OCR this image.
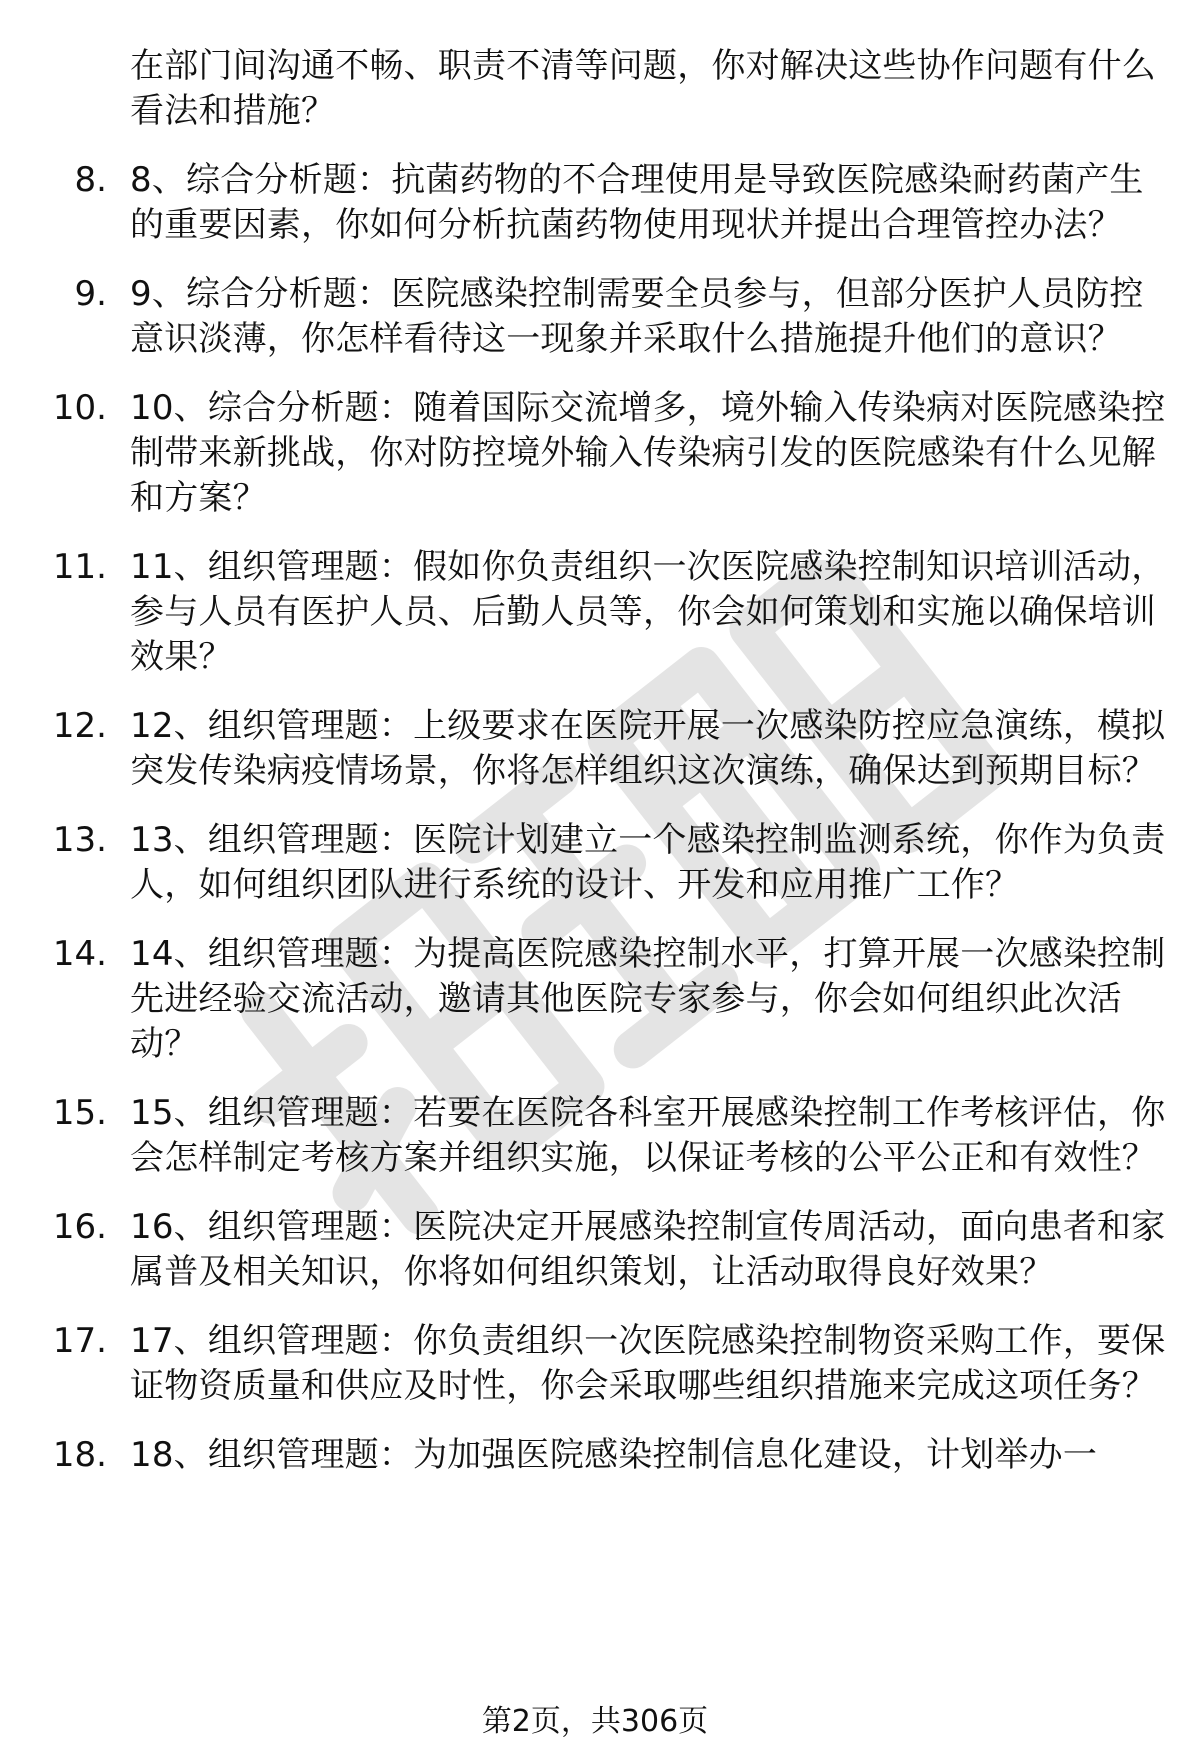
在部门间沟通不畅、职责不清等问题，你对解决这些协作问题有什么看法和措施？
8. 8、综合分析题：抗菌药物的不合理使用是导致医院感染耐药菌产生的重要因素，你如何分析抗菌药物使用现状并提出合理管控办法？
9. 9、综合分析题：医院感染控制需要全员参与，但部分医护人员防控意识淡薄，你怎样看待这一现象并采取什么措施提升他们的意识？
10. 10、综合分析题：随着国际交流增多，境外输入传染病对医院感染控制带来新挑战，你对防控境外输入传染病引发的医院感染有什么见解和方案？
11. 11、组织管理题：假如你负责组织一次医院感染控制知识培训活动，参与人员有医护人员、后勤人员等，你会如何策划和实施以确保培训效果？
12. 12、组织管理题：上级要求在医院开展一次感染防控应急演练，模拟突发传染病疫情场景，你将怎样组织这次演练，确保达到预期目标？
13. 13、组织管理题：医院计划建立一个感染控制监测系统，你作为负责人，如何组织团队进行系统的设计、开发和应用推广工作？
14. 14、组织管理题：为提高医院感染控制水平，打算开展一次感染控制先进经验交流活动，邀请其他医院专家参与，你会如何组织此次活动？
15. 15、组织管理题：若要在医院各科室开展感染控制工作考核评估，你会怎样制定考核方案并组织实施，以保证考核的公平公正和有效性？
16. 16、组织管理题：医院决定开展感染控制宣传周活动，面向患者和家属普及相关知识，你将如何组织策划，让活动取得良好效果？
17. 17、组织管理题：你负责组织一次医院感染控制物资采购工作，要保证物资质量和供应及时性，你会采取哪些组织措施来完成这项任务？
18. 18、组织管理题：为加强医院感染控制信息化建设，计划举办一
第2页，共306页
